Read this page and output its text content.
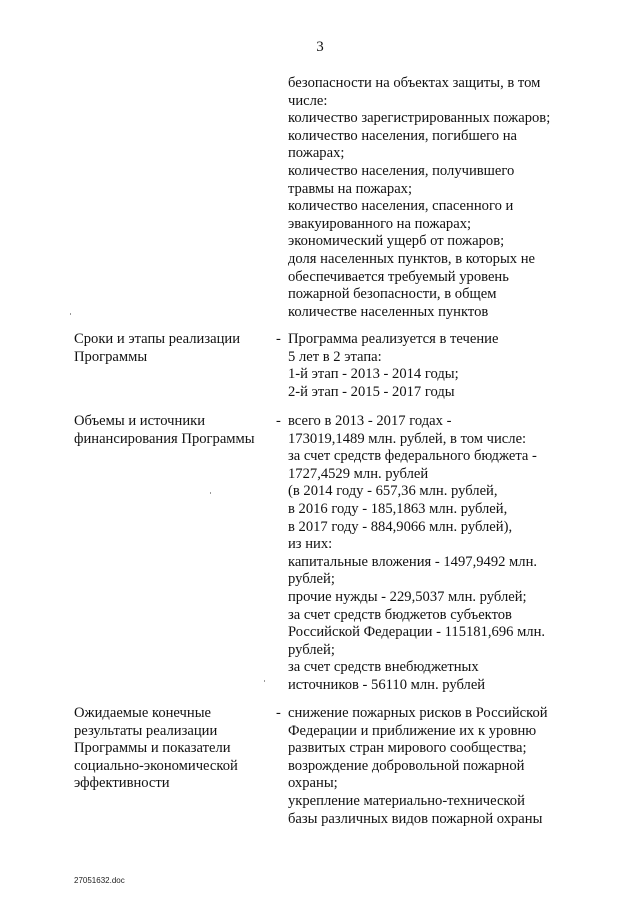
3
безопасности на объектах защиты, в том
числе:
количество зарегистрированных пожаров;
количество населения, погибшего на
пожарах;
количество населения, получившего
травмы на пожарах;
количество населения, спасенного и
эвакуированного на пожарах;
экономический ущерб от пожаров;
доля населенных пунктов, в которых не
обеспечивается требуемый уровень
пожарной безопасности, в общем
количестве населенных пунктов
Сроки и этапы реализации
Программы
- Программа реализуется в течение
5 лет в 2 этапа:
1-й этап - 2013 - 2014 годы;
2-й этап - 2015 - 2017 годы
Объемы и источники
финансирования Программы
- всего в 2013 - 2017 годах -
173019,1489 млн. рублей, в том числе:
за счет средств федерального бюджета -
1727,4529 млн. рублей
(в 2014 году - 657,36 млн. рублей,
в 2016 году - 185,1863 млн. рублей,
в 2017 году - 884,9066 млн. рублей),
из них:
капитальные вложения - 1497,9492 млн.
рублей;
прочие нужды - 229,5037 млн. рублей;
за счет средств бюджетов субъектов
Российской Федерации - 115181,696 млн.
рублей;
за счет средств внебюджетных
источников - 56110 млн. рублей
Ожидаемые конечные
результаты реализации
Программы и показатели
социально-экономической
эффективности
- снижение пожарных рисков в Российской
Федерации и приближение их к уровню
развитых стран мирового сообщества;
возрождение добровольной пожарной
охраны;
укрепление материально-технической
базы различных видов пожарной охраны
27051632.doc
